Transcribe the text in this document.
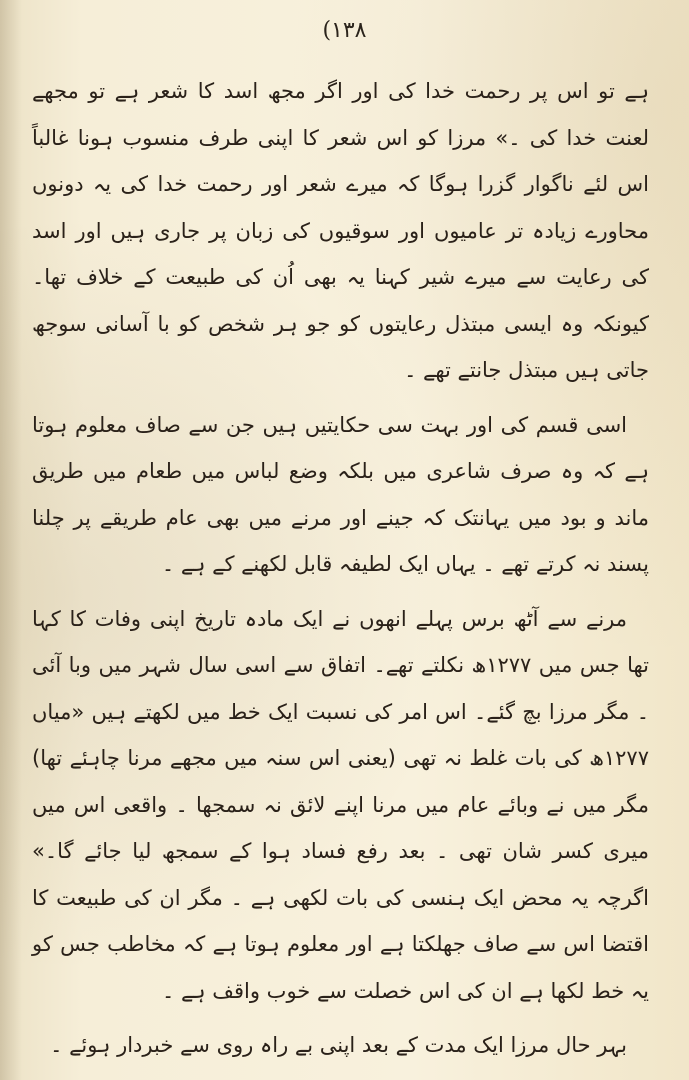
(۱۳۸

ہے تو اس پر رحمت خدا کی اور اگر مجھ اسد کا شعر ہے تو مجھے لعنت خدا کی ۔» مرزا کو اس شعر کا اپنی طرف منسوب ہونا غالباً اس لئے ناگوار گزرا ہوگا کہ میرے شعر اور رحمت خدا کی یہ دونوں محاورے زیادہ تر عامیوں اور سوقیوں کی زبان پر جاری ہیں اور اسد کی رعایت سے میرے شیر کہنا یہ بھی اُن کی طبیعت کے خلاف تھا۔ کیونکہ وہ ایسی مبتذل رعایتوں کو جو ہر شخص کو با آسانی سوجھ جاتی ہیں مبتذل جانتے تھے ۔

اسی قسم کی اور بہت سی حکایتیں ہیں جن سے صاف معلوم ہوتا ہے کہ وہ صرف شاعری میں بلکہ وضع لباس میں طعام میں طریق ماند و بود میں یہانتک کہ جینے اور مرنے میں بھی عام طریقے پر چلنا پسند نہ کرتے تھے ۔ یہاں ایک لطیفہ قابل لکھنے کے ہے ۔

مرنے سے آٹھ برس پہلے انھوں نے ایک مادہ تاریخ اپنی وفات کا کہا تھا جس میں ۱۲۷۷ھ نکلتے تھے۔ اتفاق سے اسی سال شہر میں وبا آئی ۔ مگر مرزا بچ گئے۔ اس امر کی نسبت ایک خط میں لکھتے ہیں «میاں ۱۲۷۷ھ کی بات غلط نہ تھی (یعنی اس سنہ میں مجھے مرنا چاہئے تھا) مگر میں نے وبائے عام میں مرنا اپنے لائق نہ سمجھا ۔ واقعی اس میں میری کسر شان تھی ۔ بعد رفع فساد ہوا کے سمجھ لیا جائے گا۔» اگرچہ یہ محض ایک ہنسی کی بات لکھی ہے ۔ مگر ان کی طبیعت کا اقتضا اس سے صاف جھلکتا ہے اور معلوم ہوتا ہے کہ مخاطب جس کو یہ خط لکھا ہے ان کی اس خصلت سے خوب واقف ہے ۔

بہر حال مرزا ایک مدت کے بعد اپنی بے راہ روی سے خبردار ہوئے ۔
